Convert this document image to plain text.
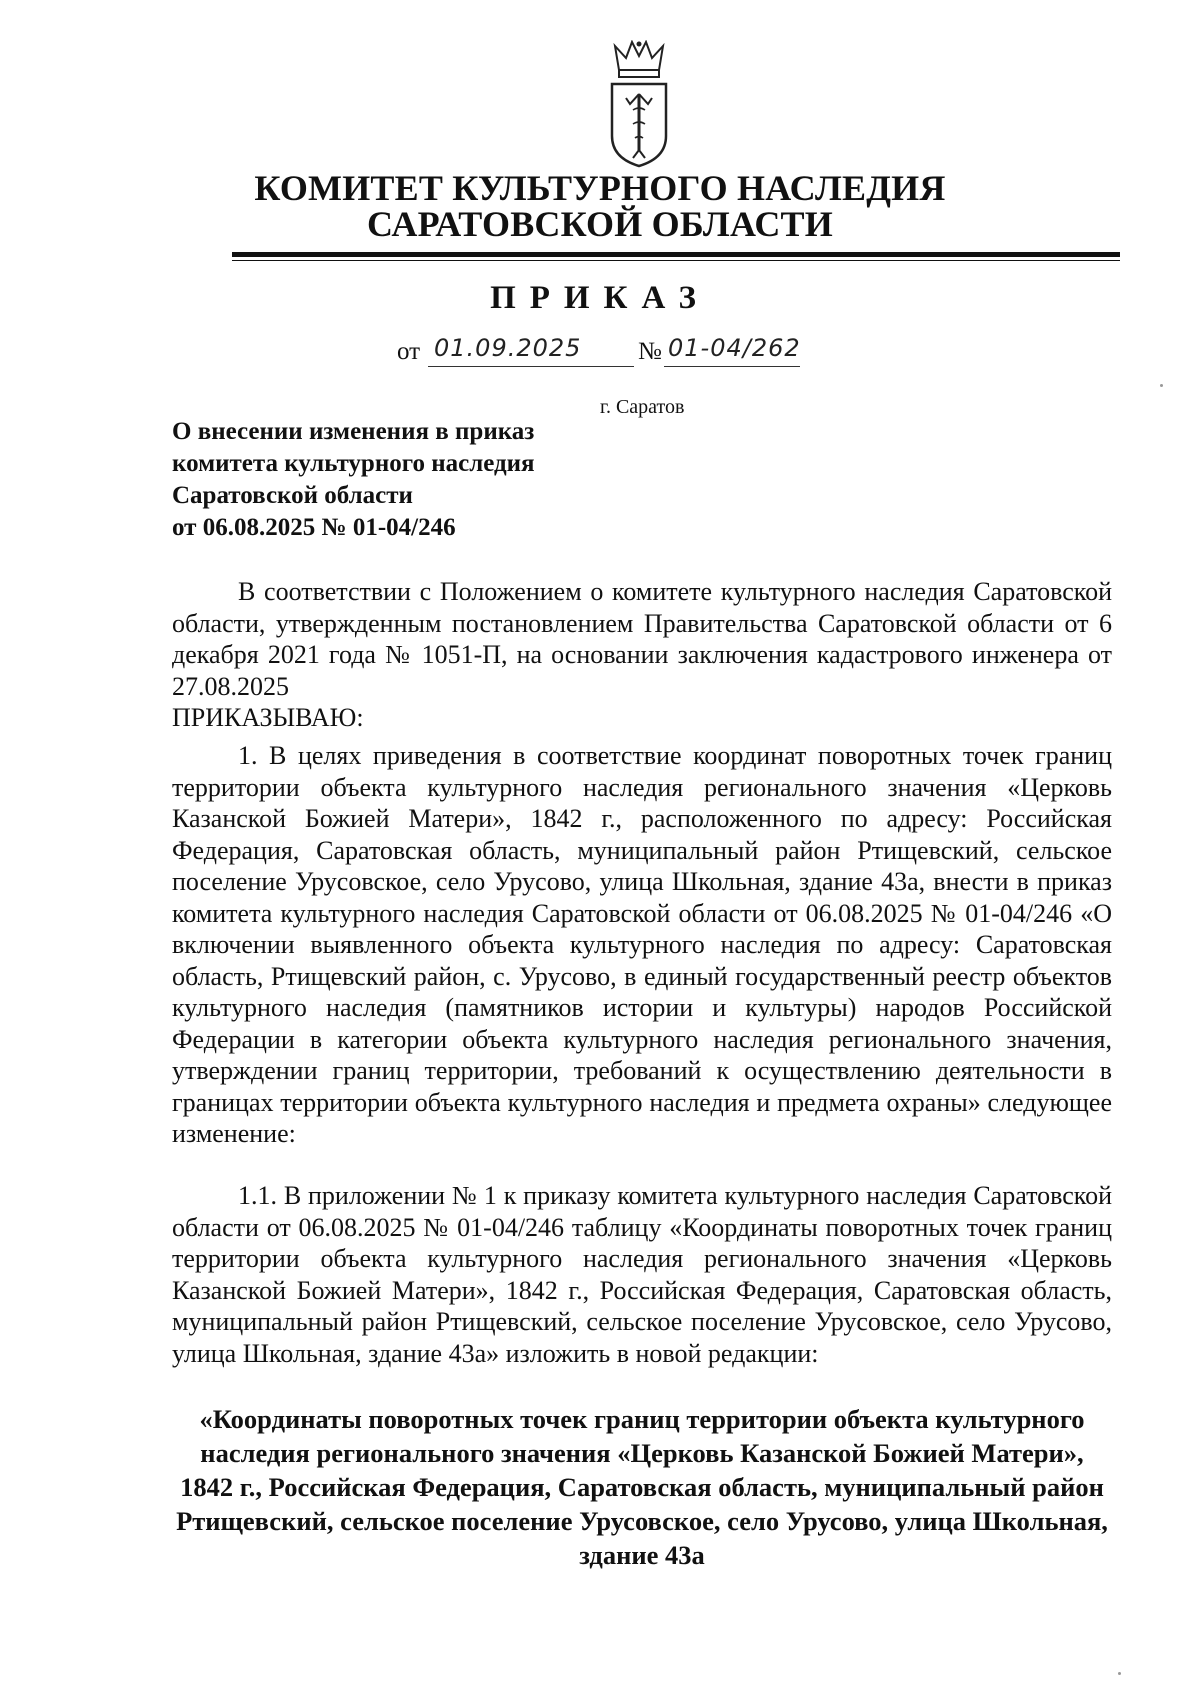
КОМИТЕТ КУЛЬТУРНОГО НАСЛЕДИЯ
САРАТОВСКОЙ ОБЛАСТИ
ПРИКАЗ
от 01.09.2025 № 01-04/262
г. Саратов
О внесении изменения в приказ
комитета культурного наследия
Саратовской области
от 06.08.2025 № 01-04/246

В соответствии с Положением о комитете культурного наследия Саратовской области, утвержденным постановлением Правительства Саратовской области от 6 декабря 2021 года № 1051-П, на основании заключения кадастрового инженера от 27.08.2025

ПРИКАЗЫВАЮ:

1. В целях приведения в соответствие координат поворотных точек границ территории объекта культурного наследия регионального значения «Церковь Казанской Божией Матери», 1842 г., расположенного по адресу: Российская Федерация, Саратовская область, муниципальный район Ртищевский, сельское поселение Урусовское, село Урусово, улица Школьная, здание 43а, внести в приказ комитета культурного наследия Саратовской области от 06.08.2025 № 01-04/246 «О включении выявленного объекта культурного наследия по адресу: Саратовская область, Ртищевский район, с. Урусово, в единый государственный реестр объектов культурного наследия (памятников истории и культуры) народов Российской Федерации в категории объекта культурного наследия регионального значения, утверждении границ территории, требований к осуществлению деятельности в границах территории объекта культурного наследия и предмета охраны» следующее изменение:

1.1. В приложении № 1 к приказу комитета культурного наследия Саратовской области от 06.08.2025 № 01-04/246 таблицу «Координаты поворотных точек границ территории объекта культурного наследия регионального значения «Церковь Казанской Божией Матери», 1842 г., Российская Федерация, Саратовская область, муниципальный район Ртищевский, сельское поселение Урусовское, село Урусово, улица Школьная, здание 43а» изложить в новой редакции:

«Координаты поворотных точек границ территории объекта культурного наследия регионального значения «Церковь Казанской Божией Матери», 1842 г., Российская Федерация, Саратовская область, муниципальный район Ртищевский, сельское поселение Урусовское, село Урусово, улица Школьная, здание 43а
